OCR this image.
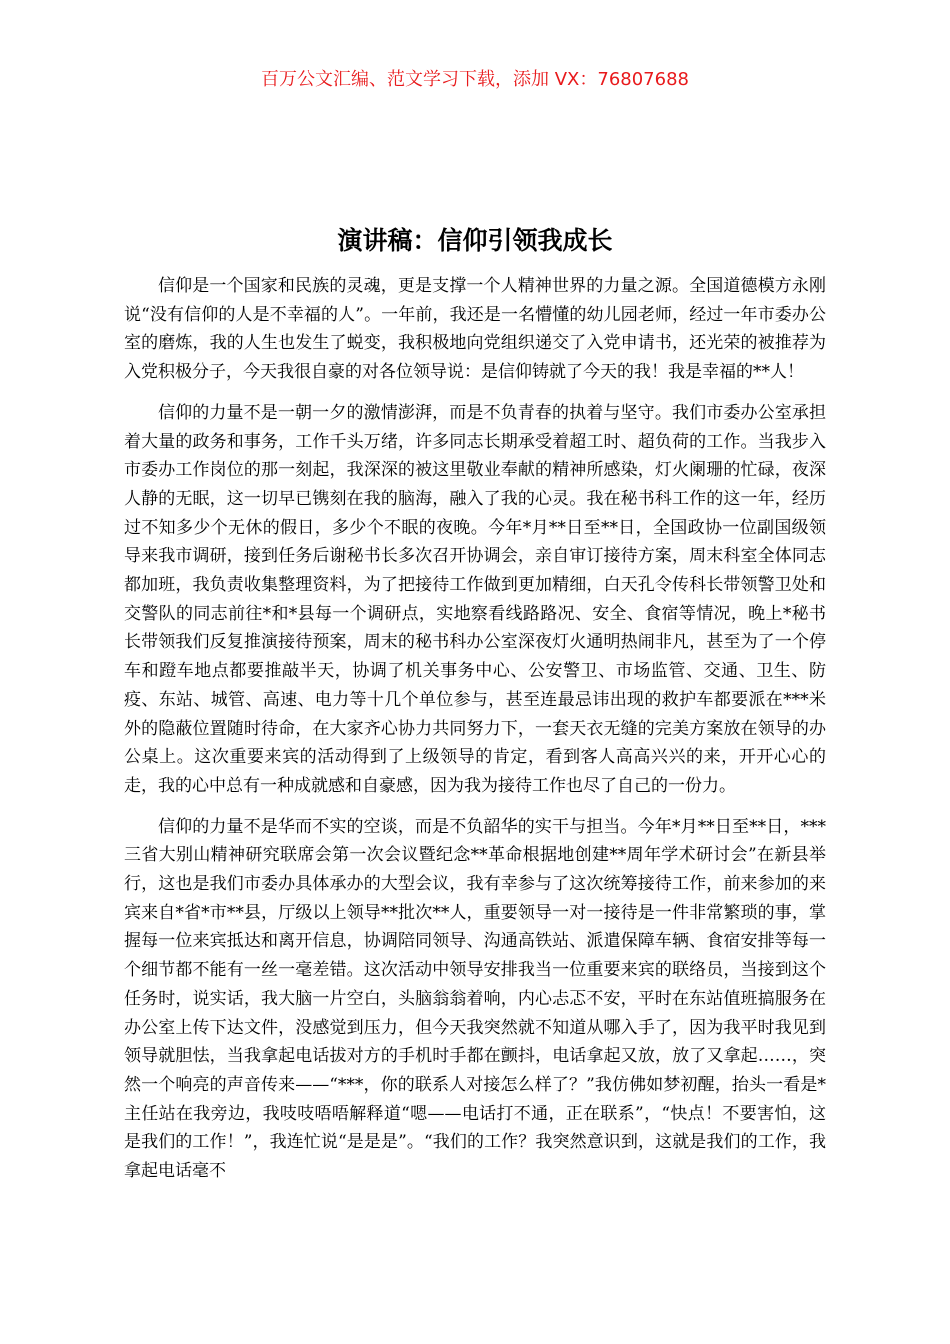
百万公文汇编、范文学习下载，添加 VX：76807688
演讲稿：信仰引领我成长

信仰是一个国家和民族的灵魂，更是支撑一个人精神世界的力量之源。全国道德模方永刚说“没有信仰的人是不幸福的人”。一年前，我还是一名懵懂的幼儿园老师，经过一年市委办公室的磨炼，我的人生也发生了蜕变，我积极地向党组织递交了入党申请书，还光荣的被推荐为入党积极分子，今天我很自豪的对各位领导说：是信仰铸就了今天的我！我是幸福的**人！

信仰的力量不是一朝一夕的激情澎湃，而是不负青春的执着与坚守。我们市委办公室承担着大量的政务和事务，工作千头万绪，许多同志长期承受着超工时、超负荷的工作。当我步入市委办工作岗位的那一刻起，我深深的被这里敬业奉献的精神所感染，灯火阑珊的忙碌，夜深人静的无眠，这一切早已镌刻在我的脑海，融入了我的心灵。我在秘书科工作的这一年，经历过不知多少个无休的假日，多少个不眠的夜晚。今年*月**日至**日，全国政协一位副国级领导来我市调研，接到任务后谢秘书长多次召开协调会，亲自审订接待方案，周末科室全体同志都加班，我负责收集整理资料，为了把接待工作做到更加精细，白天孔令传科长带领警卫处和交警队的同志前往*和*县每一个调研点，实地察看线路路况、安全、食宿等情况，晚上*秘书长带领我们反复推演接待预案，周末的秘书科办公室深夜灯火通明热闹非凡，甚至为了一个停车和蹬车地点都要推敲半天，协调了机关事务中心、公安警卫、市场监管、交通、卫生、防疫、东站、城管、高速、电力等十几个单位参与，甚至连最忌讳出现的救护车都要派在***米外的隐蔽位置随时待命，在大家齐心协力共同努力下，一套天衣无缝的完美方案放在领导的办公桌上。这次重要来宾的活动得到了上级领导的肯定，看到客人高高兴兴的来，开开心心的走，我的心中总有一种成就感和自豪感，因为我为接待工作也尽了自己的一份力。

信仰的力量不是华而不实的空谈，而是不负韶华的实干与担当。今年*月**日至**日，***三省大别山精神研究联席会第一次会议暨纪念**革命根据地创建**周年学术研讨会”在新县举行，这也是我们市委办具体承办的大型会议，我有幸参与了这次统筹接待工作，前来参加的来宾来自*省*市**县，厅级以上领导**批次**人，重要领导一对一接待是一件非常繁琐的事，掌握每一位来宾抵达和离开信息，协调陪同领导、沟通高铁站、派遣保障车辆、食宿安排等每一个细节都不能有一丝一毫差错。这次活动中领导安排我当一位重要来宾的联络员，当接到这个任务时，说实话，我大脑一片空白，头脑翁翁着响，内心忐忑不安，平时在东站值班搞服务在办公室上传下达文件，没感觉到压力，但今天我突然就不知道从哪入手了，因为我平时我见到领导就胆怯，当我拿起电话拔对方的手机时手都在颤抖，电话拿起又放，放了又拿起……，突然一个响亮的声音传来——“***，你的联系人对接怎么样了？”我仿佛如梦初醒，抬头一看是*主任站在我旁边，我吱吱唔唔解释道“嗯——电话打不通，正在联系”，“快点！不要害怕，这是我们的工作！”，我连忙说“是是是”。“我们的工作？我突然意识到，这就是我们的工作，我拿起电话毫不
